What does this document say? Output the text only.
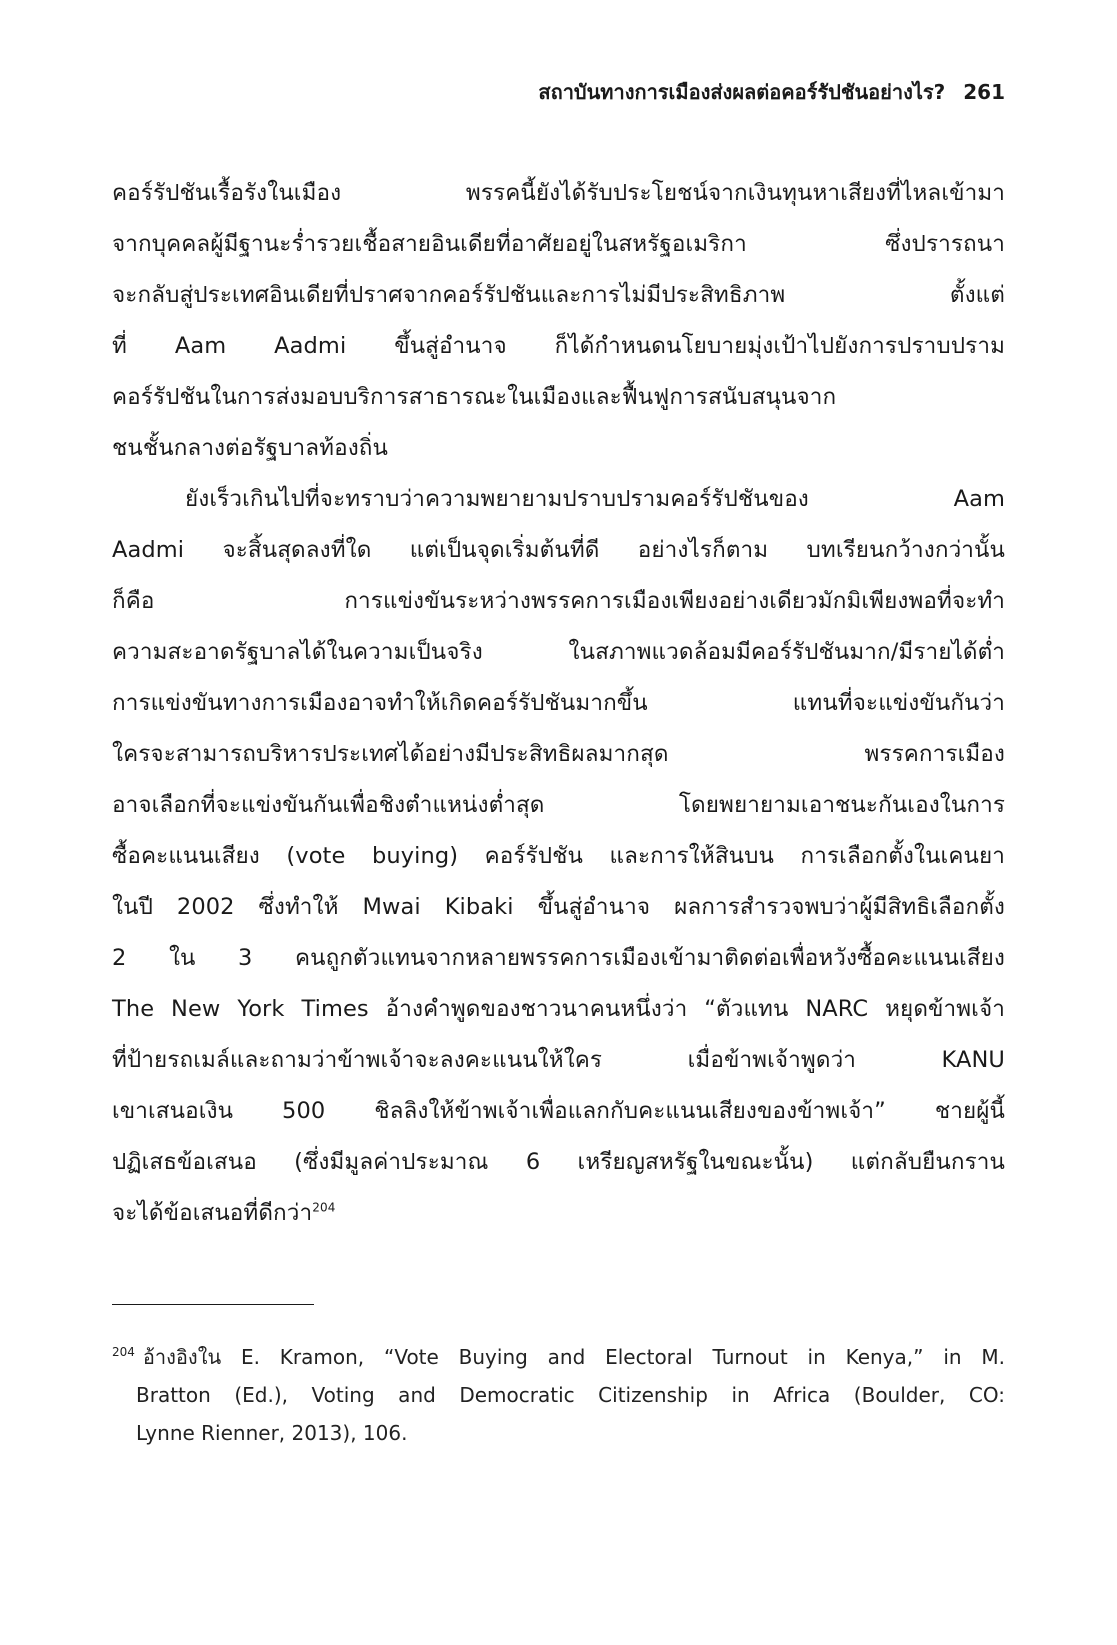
สถาบันทางการเมืองส่งผลต่อคอร์รัปชันอย่างไร? 261
คอร์รัปชันเรื้อรังในเมือง พรรคนี้ยังได้รับประโยชน์จากเงินทุนหาเสียงที่ไหลเข้ามา
จากบุคคลผู้มีฐานะร่ำรวยเชื้อสายอินเดียที่อาศัยอยู่ในสหรัฐอเมริกา ซึ่งปรารถนา
จะกลับสู่ประเทศอินเดียที่ปราศจากคอร์รัปชันและการไม่มีประสิทธิภาพ ตั้งแต่
ที่ Aam Aadmi ขึ้นสู่อำนาจ ก็ได้กำหนดนโยบายมุ่งเป้าไปยังการปราบปราม
คอร์รัปชันในการส่งมอบบริการสาธารณะในเมืองและฟื้นฟูการสนับสนุนจาก
ชนชั้นกลางต่อรัฐบาลท้องถิ่น
ยังเร็วเกินไปที่จะทราบว่าความพยายามปราบปรามคอร์รัปชันของ Aam
Aadmi จะสิ้นสุดลงที่ใด แต่เป็นจุดเริ่มต้นที่ดี อย่างไรก็ตาม บทเรียนกว้างกว่านั้น
ก็คือ การแข่งขันระหว่างพรรคการเมืองเพียงอย่างเดียวมักมิเพียงพอที่จะทำ
ความสะอาดรัฐบาลได้ในความเป็นจริง ในสภาพแวดล้อมมีคอร์รัปชันมาก/มีรายได้ต่ำ
การแข่งขันทางการเมืองอาจทำให้เกิดคอร์รัปชันมากขึ้น แทนที่จะแข่งขันกันว่า
ใครจะสามารถบริหารประเทศได้อย่างมีประสิทธิผลมากสุด พรรคการเมือง
อาจเลือกที่จะแข่งขันกันเพื่อชิงตำแหน่งต่ำสุด โดยพยายามเอาชนะกันเองในการ
ซื้อคะแนนเสียง (vote buying) คอร์รัปชัน และการให้สินบน การเลือกตั้งในเคนยา
ในปี 2002 ซึ่งทำให้ Mwai Kibaki ขึ้นสู่อำนาจ ผลการสำรวจพบว่าผู้มีสิทธิเลือกตั้ง
2 ใน 3 คนถูกตัวแทนจากหลายพรรคการเมืองเข้ามาติดต่อเพื่อหวังซื้อคะแนนเสียง
The New York Times อ้างคำพูดของชาวนาคนหนึ่งว่า “ตัวแทน NARC หยุดข้าพเจ้า
ที่ป้ายรถเมล์และถามว่าข้าพเจ้าจะลงคะแนนให้ใคร เมื่อข้าพเจ้าพูดว่า KANU
เขาเสนอเงิน 500 ชิลลิงให้ข้าพเจ้าเพื่อแลกกับคะแนนเสียงของข้าพเจ้า” ชายผู้นี้
ปฏิเสธข้อเสนอ (ซึ่งมีมูลค่าประมาณ 6 เหรียญสหรัฐในขณะนั้น) แต่กลับยืนกราน
จะได้ข้อเสนอที่ดีกว่า$^{204}$
$^{204}$ อ้างอิงใน E. Kramon, “Vote Buying and Electoral Turnout in Kenya,” in M.
Bratton (Ed.), Voting and Democratic Citizenship in Africa (Boulder, CO:
Lynne Rienner, 2013), 106.
